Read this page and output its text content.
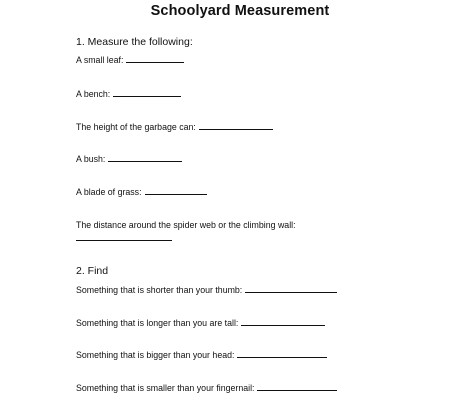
Schoolyard Measurement
1. Measure the following:
A small leaf:
A bench:
The height of the garbage can:
A bush:
A blade of grass:
The distance around the spider web or the climbing wall:
2. Find
Something that is shorter than your thumb:
Something that is longer than you are tall:
Something that is bigger than your head:
Something that is smaller than your fingernail:
